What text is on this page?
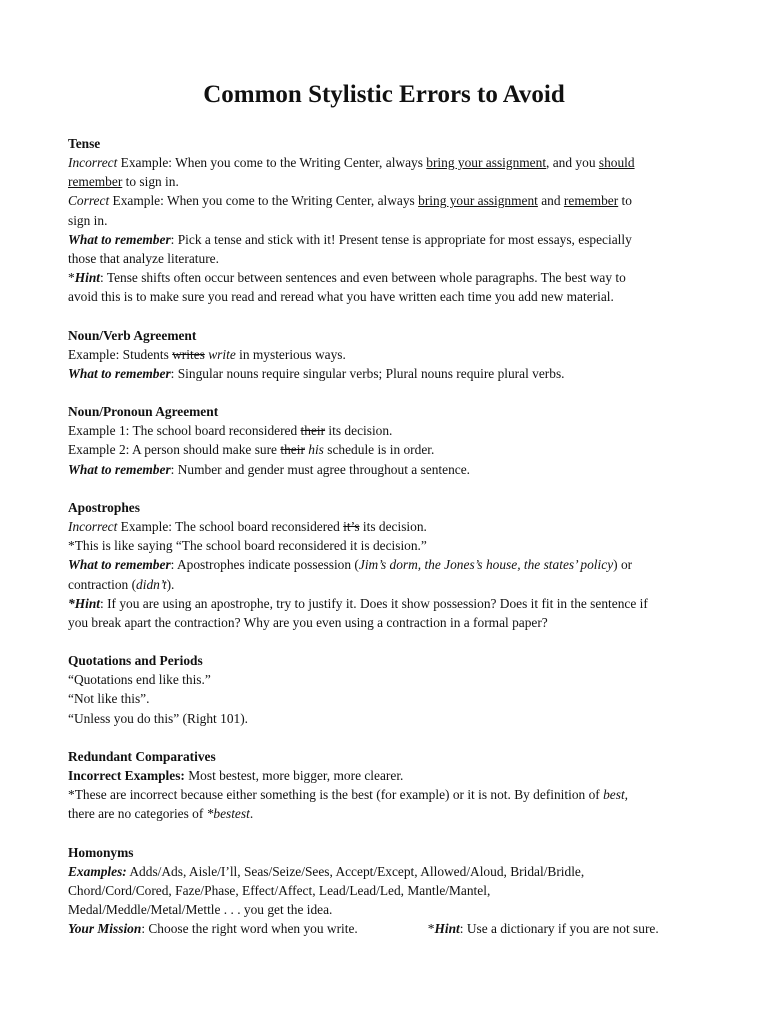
Common Stylistic Errors to Avoid
Tense
Incorrect Example: When you come to the Writing Center, always bring your assignment, and you should
remember to sign in.
Correct Example: When you come to the Writing Center, always bring your assignment and remember to
sign in.
What to remember: Pick a tense and stick with it! Present tense is appropriate for most essays, especially
those that analyze literature.
*Hint: Tense shifts often occur between sentences and even between whole paragraphs. The best way to
avoid this is to make sure you read and reread what you have written each time you add new material.
Noun/Verb Agreement
Example: Students writes write in mysterious ways.
What to remember: Singular nouns require singular verbs; Plural nouns require plural verbs.
Noun/Pronoun Agreement
Example 1: The school board reconsidered their its decision.
Example 2: A person should make sure their his schedule is in order.
What to remember: Number and gender must agree throughout a sentence.
Apostrophes
Incorrect Example: The school board reconsidered it’s its decision.
*This is like saying “The school board reconsidered it is decision.”
What to remember: Apostrophes indicate possession (Jim’s dorm, the Jones’s house, the states’ policy) or
contraction (didn’t).
*Hint: If you are using an apostrophe, try to justify it. Does it show possession? Does it fit in the sentence if
you break apart the contraction? Why are you even using a contraction in a formal paper?
Quotations and Periods
“Quotations end like this.”
“Not like this”.
“Unless you do this” (Right 101).
Redundant Comparatives
Incorrect Examples: Most bestest, more bigger, more clearer.
*These are incorrect because either something is the best (for example) or it is not. By definition of best,
there are no categories of *bestest.
Homonyms
Examples: Adds/Ads, Aisle/I’ll, Seas/Seize/Sees, Accept/Except, Allowed/Aloud, Bridal/Bridle,
Chord/Cord/Cored, Faze/Phase, Effect/Affect, Lead/Lead/Led, Mantle/Mantel,
Medal/Meddle/Metal/Mettle . . . you get the idea.
Your Mission: Choose the right word when you write.	*Hint: Use a dictionary if you are not sure.
